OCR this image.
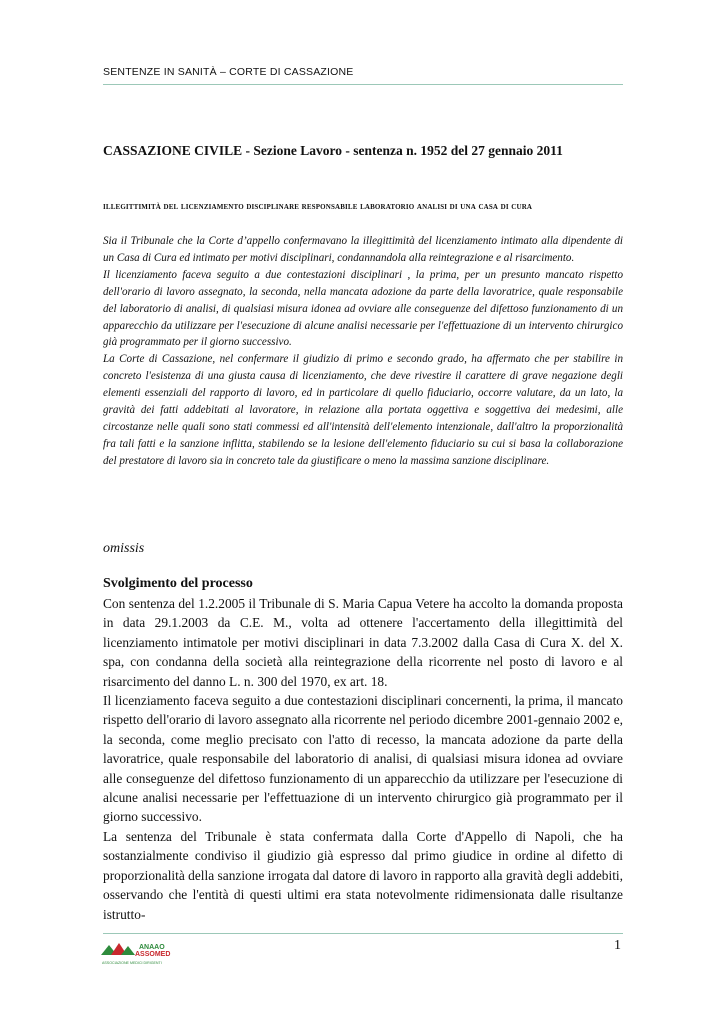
SENTENZE IN SANITÀ – CORTE DI CASSAZIONE
CASSAZIONE CIVILE - Sezione Lavoro - sentenza n. 1952 del 27 gennaio 2011
illegittimità del licenziamento disciplinare responsabile laboratorio analisi di una casa di cura

Sia il Tribunale che la Corte d’appello confermavano la illegittimità del licenziamento intimato alla dipendente di un Casa di Cura ed intimato per motivi disciplinari, condannandola alla reintegrazione e al risarcimento.

Il licenziamento faceva seguito a due contestazioni disciplinari , la prima, per un presunto mancato rispetto dell'orario di lavoro assegnato, la seconda, nella mancata adozione da parte della lavoratrice, quale responsabile del laboratorio di analisi, di qualsiasi misura idonea ad ovviare alle conseguenze del difettoso funzionamento di un apparecchio da utilizzare per l'esecuzione di alcune analisi necessarie per l'effettuazione di un intervento chirurgico già programmato per il giorno successivo.

La Corte di Cassazione, nel confermare il giudizio di primo e secondo grado, ha affermato che per stabilire in concreto l'esistenza di una giusta causa di licenziamento, che deve rivestire il carattere di grave negazione degli elementi essenziali del rapporto di lavoro, ed in particolare di quello fiduciario, occorre valutare, da un lato, la gravità dei fatti addebitati al lavoratore, in relazione alla portata oggettiva e soggettiva dei medesimi, alle circostanze nelle quali sono stati commessi ed all'intensità dell'elemento intenzionale, dall'altro la proporzionalità fra tali fatti e la sanzione inflitta, stabilendo se la lesione dell'elemento fiduciario su cui si basa la collaborazione del prestatore di lavoro sia in concreto tale da giustificare o meno la massima sanzione disciplinare.

omissis
Svolgimento del processo

Con sentenza del 1.2.2005 il Tribunale di S. Maria Capua Vetere ha accolto la domanda proposta in data 29.1.2003 da C.E. M., volta ad ottenere l'accertamento della illegittimità del licenziamento intimatole per motivi disciplinari in data 7.3.2002 dalla Casa di Cura X. del X. spa, con condanna della società alla reintegrazione della ricorrente nel posto di lavoro e al risarcimento del danno L. n. 300 del 1970, ex art. 18.

Il licenziamento faceva seguito a due contestazioni disciplinari concernenti, la prima, il mancato rispetto dell'orario di lavoro assegnato alla ricorrente nel periodo dicembre 2001-gennaio 2002 e, la seconda, come meglio precisato con l'atto di recesso, la mancata adozione da parte della lavoratrice, quale responsabile del laboratorio di analisi, di qualsiasi misura idonea ad ovviare alle conseguenze del difettoso funzionamento di un apparecchio da utilizzare per l'esecuzione di alcune analisi necessarie per l'effettuazione di un intervento chirurgico già programmato per il giorno successivo.

La sentenza del Tribunale è stata confermata dalla Corte d'Appello di Napoli, che ha sostanzialmente condiviso il giudizio già espresso dal primo giudice in ordine al difetto di proporzionalità della sanzione irrogata dal datore di lavoro in rapporto alla gravità degli addebiti, osservando che l'entità di questi ultimi era stata notevolmente ridimensionata dalle risultanze istrutto-

ANAAO
ASSOMED
ASSOCIAZIONE MEDICI DIRIGENTI
1
